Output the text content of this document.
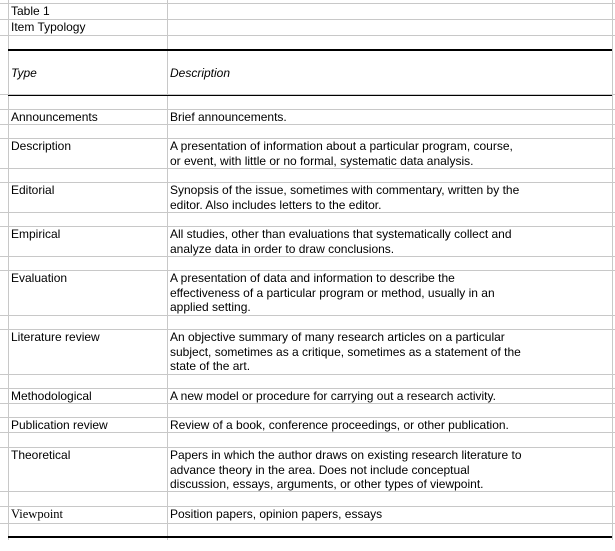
Table 1
Item Typology
Type	Description
Announcements	Brief announcements.
Description	A presentation of information about a particular program, course,
or event, with little or no formal, systematic data analysis.
Editorial	Synopsis of the issue, sometimes with commentary, written by the
editor. Also includes letters to the editor.
Empirical	All studies, other than evaluations that systematically collect and
analyze data in order to draw conclusions.
Evaluation	A presentation of data and information to describe the
effectiveness of a particular program or method, usually in an
applied setting.
Literature review	An objective summary of many research articles on a particular
subject, sometimes as a critique, sometimes as a statement of the
state of the art.
Methodological	A new model or procedure for carrying out a research activity.
Publication review	Review of a book, conference proceedings, or other publication.
Theoretical	Papers in which the author draws on existing research literature to
advance theory in the area. Does not include conceptual
discussion, essays, arguments, or other types of viewpoint.
Viewpoint	Position papers, opinion papers, essays
